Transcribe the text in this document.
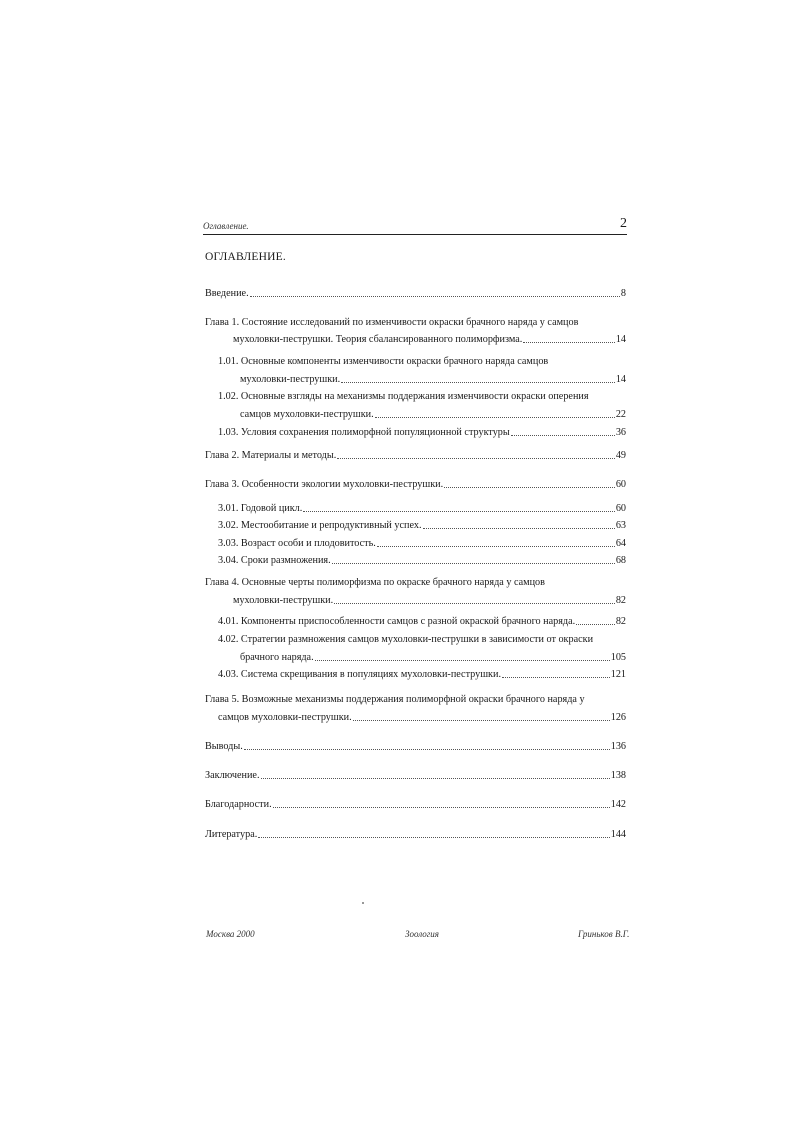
Оглавление.	2
ОГЛАВЛЕНИЕ.
Введение.	8
Глава 1. Состояние исследований по изменчивости окраски брачного наряда у самцов
мухоловки-пеструшки. Теория сбалансированного полиморфизма.	14
1.01. Основные компоненты изменчивости окраски брачного наряда самцов
мухоловки-пеструшки.	14
1.02. Основные взгляды на механизмы поддержания изменчивости окраски оперения
самцов мухоловки-пеструшки.	22
1.03. Условия сохранения полиморфной популяционной структуры	36
Глава 2. Материалы и методы.	49
Глава 3. Особенности экологии мухоловки-пеструшки.	60
3.01. Годовой цикл.	60
3.02. Местообитание и репродуктивный успех.	63
3.03. Возраст особи и плодовитость.	64
3.04. Сроки размножения.	68
Глава 4. Основные черты полиморфизма по окраске брачного наряда у самцов
мухоловки-пеструшки.	82
4.01. Компоненты приспособленности самцов с разной окраской брачного наряда.	82
4.02. Стратегии размножения самцов мухоловки-пеструшки в зависимости от окраски
брачного наряда.	105
4.03. Система скрещивания в популяциях мухоловки-пеструшки.	121
Глава 5. Возможные механизмы поддержания полиморфной окраски брачного наряда у
самцов мухоловки-пеструшки.	126
Выводы.	136
Заключение.	138
Благодарности.	142
Литература.	144
Москва 2000	Зоология	Гриньков В.Г.
